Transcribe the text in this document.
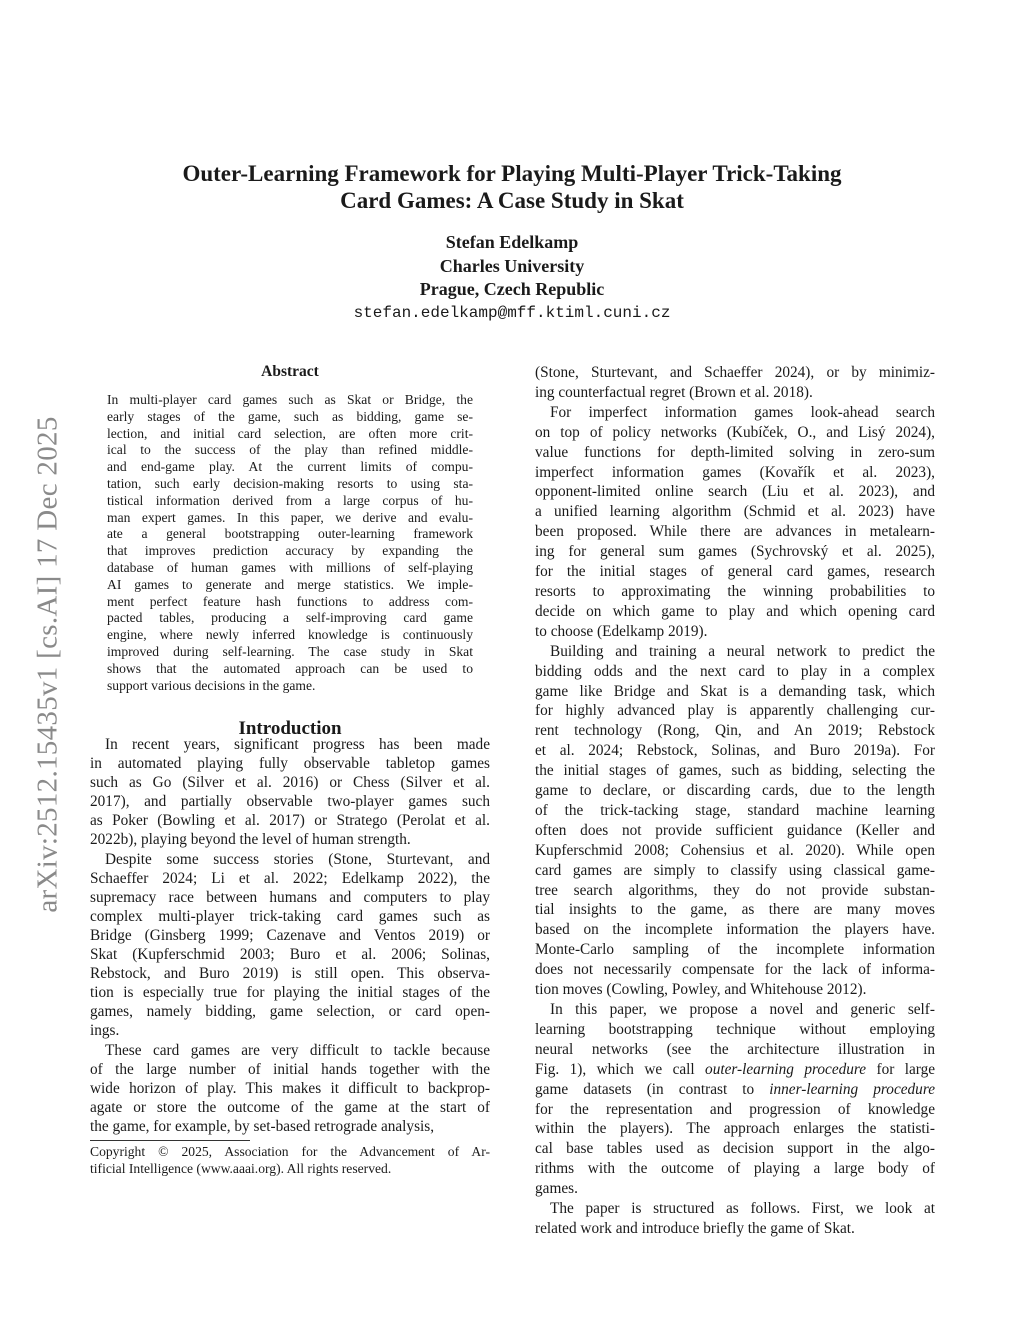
arXiv:2512.15435v1 [cs.AI] 17 Dec 2025
Outer-Learning Framework for Playing Multi-Player Trick-Taking
Card Games: A Case Study in Skat
Stefan Edelkamp
Charles University
Prague, Czech Republic
stefan.edelkamp@mff.ktiml.cuni.cz
Abstract
In multi-player card games such as Skat or Bridge, the
early stages of the game, such as bidding, game se-
lection, and initial card selection, are often more crit-
ical to the success of the play than refined middle-
and end-game play. At the current limits of compu-
tation, such early decision-making resorts to using sta-
tistical information derived from a large corpus of hu-
man expert games. In this paper, we derive and evalu-
ate a general bootstrapping outer-learning framework
that improves prediction accuracy by expanding the
database of human games with millions of self-playing
AI games to generate and merge statistics. We imple-
ment perfect feature hash functions to address com-
pacted tables, producing a self-improving card game
engine, where newly inferred knowledge is continuously
improved during self-learning. The case study in Skat
shows that the automated approach can be used to
support various decisions in the game.
Introduction
In recent years, significant progress has been made
in automated playing fully observable tabletop games
such as Go (Silver et al. 2016) or Chess (Silver et al.
2017), and partially observable two-player games such
as Poker (Bowling et al. 2017) or Stratego (Perolat et al.
2022b), playing beyond the level of human strength.
Despite some success stories (Stone, Sturtevant, and
Schaeffer 2024; Li et al. 2022; Edelkamp 2022), the
supremacy race between humans and computers to play
complex multi-player trick-taking card games such as
Bridge (Ginsberg 1999; Cazenave and Ventos 2019) or
Skat (Kupferschmid 2003; Buro et al. 2006; Solinas,
Rebstock, and Buro 2019) is still open. This observa-
tion is especially true for playing the initial stages of the
games, namely bidding, game selection, or card open-
ings.
These card games are very difficult to tackle because
of the large number of initial hands together with the
wide horizon of play. This makes it difficult to backprop-
agate or store the outcome of the game at the start of
the game, for example, by set-based retrograde analysis,
Copyright © 2025, Association for the Advancement of Ar-
tificial Intelligence (www.aaai.org). All rights reserved.
(Stone, Sturtevant, and Schaeffer 2024), or by minimiz-
ing counterfactual regret (Brown et al. 2018).
For imperfect information games look-ahead search
on top of policy networks (Kubíček, O., and Lisý 2024),
value functions for depth-limited solving in zero-sum
imperfect information games (Kovařík et al. 2023),
opponent-limited online search (Liu et al. 2023), and
a unified learning algorithm (Schmid et al. 2023) have
been proposed. While there are advances in metalearn-
ing for general sum games (Sychrovský et al. 2025),
for the initial stages of general card games, research
resorts to approximating the winning probabilities to
decide on which game to play and which opening card
to choose (Edelkamp 2019).
Building and training a neural network to predict the
bidding odds and the next card to play in a complex
game like Bridge and Skat is a demanding task, which
for highly advanced play is apparently challenging cur-
rent technology (Rong, Qin, and An 2019; Rebstock
et al. 2024; Rebstock, Solinas, and Buro 2019a). For
the initial stages of games, such as bidding, selecting the
game to declare, or discarding cards, due to the length
of the trick-tacking stage, standard machine learning
often does not provide sufficient guidance (Keller and
Kupferschmid 2008; Cohensius et al. 2020). While open
card games are simply to classify using classical game-
tree search algorithms, they do not provide substan-
tial insights to the game, as there are many moves
based on the incomplete information the players have.
Monte-Carlo sampling of the incomplete information
does not necessarily compensate for the lack of informa-
tion moves (Cowling, Powley, and Whitehouse 2012).
In this paper, we propose a novel and generic self-
learning bootstrapping technique without employing
neural networks (see the architecture illustration in
Fig. 1), which we call outer-learning procedure for large
game datasets (in contrast to inner-learning procedure
for the representation and progression of knowledge
within the players). The approach enlarges the statisti-
cal base tables used as decision support in the algo-
rithms with the outcome of playing a large body of
games.
The paper is structured as follows. First, we look at
related work and introduce briefly the game of Skat.
